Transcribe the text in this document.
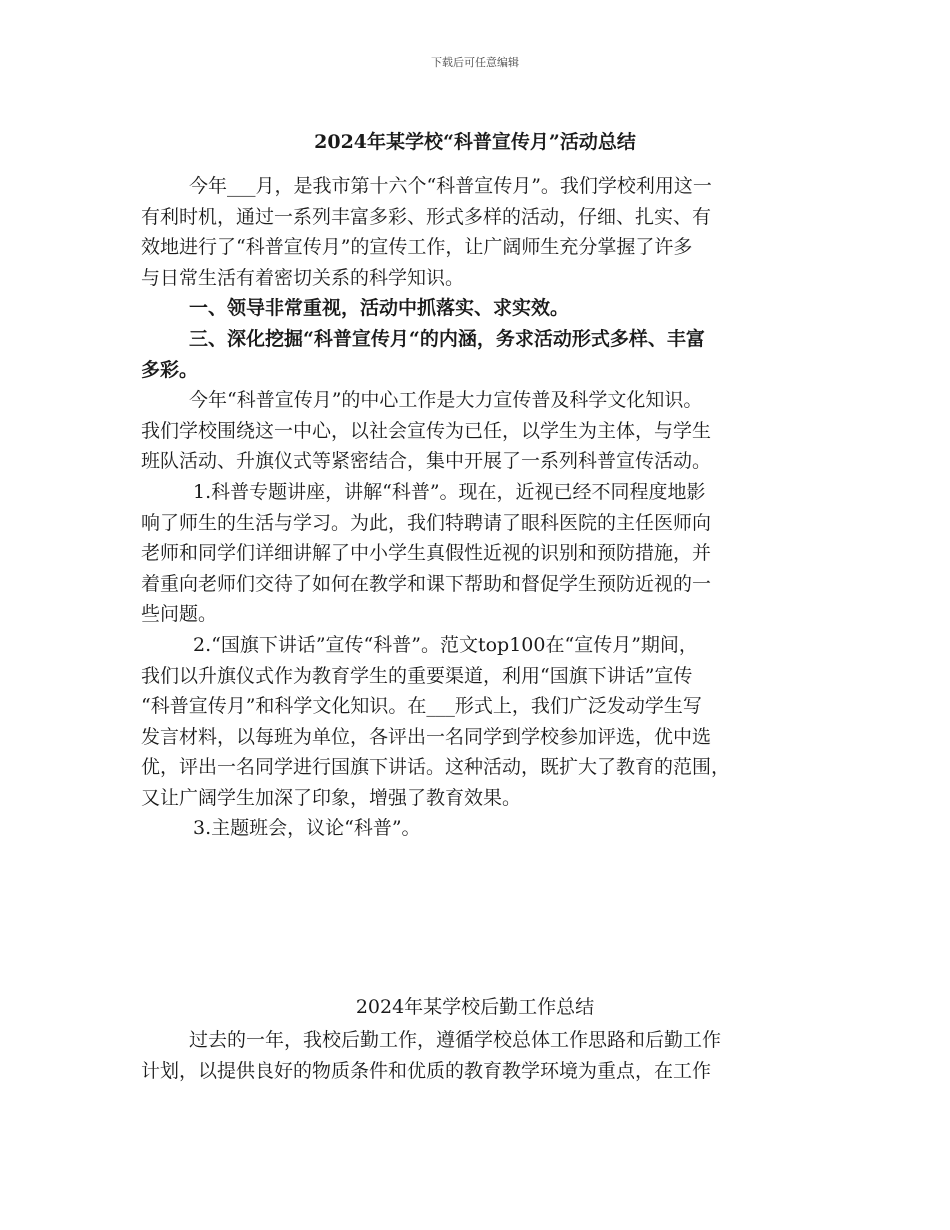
下载后可任意编辑
2024年某学校“科普宣传月”活动总结
今年___月，是我市第十六个“科普宣传月”。我们学校利用这一
有利时机，通过一系列丰富多彩、形式多样的活动，仔细、扎实、有
效地进行了“科普宣传月”的宣传工作，让广阔师生充分掌握了许多
与日常生活有着密切关系的科学知识。
一、领导非常重视，活动中抓落实、求实效。
三、深化挖掘“科普宣传月“的内涵，务求活动形式多样、丰富
多彩。
今年“科普宣传月”的中心工作是大力宣传普及科学文化知识。
我们学校围绕这一中心，以社会宣传为已任，以学生为主体，与学生
班队活动、升旗仪式等紧密结合，集中开展了一系列科普宣传活动。
1.科普专题讲座，讲解“科普”。现在，近视已经不同程度地影
响了师生的生活与学习。为此，我们特聘请了眼科医院的主任医师向
老师和同学们详细讲解了中小学生真假性近视的识别和预防措施，并
着重向老师们交待了如何在教学和课下帮助和督促学生预防近视的一
些问题。
2.“国旗下讲话”宣传“科普”。范文top100在“宣传月”期间，
我们以升旗仪式作为教育学生的重要渠道，利用“国旗下讲话”宣传
“科普宣传月”和科学文化知识。在___形式上，我们广泛发动学生写
发言材料，以每班为单位，各评出一名同学到学校参加评选，优中选
优，评出一名同学进行国旗下讲话。这种活动，既扩大了教育的范围，
又让广阔学生加深了印象，增强了教育效果。
3.主题班会，议论“科普”。
2024年某学校后勤工作总结
过去的一年，我校后勤工作，遵循学校总体工作思路和后勤工作
计划，以提供良好的物质条件和优质的教育教学环境为重点，在工作
